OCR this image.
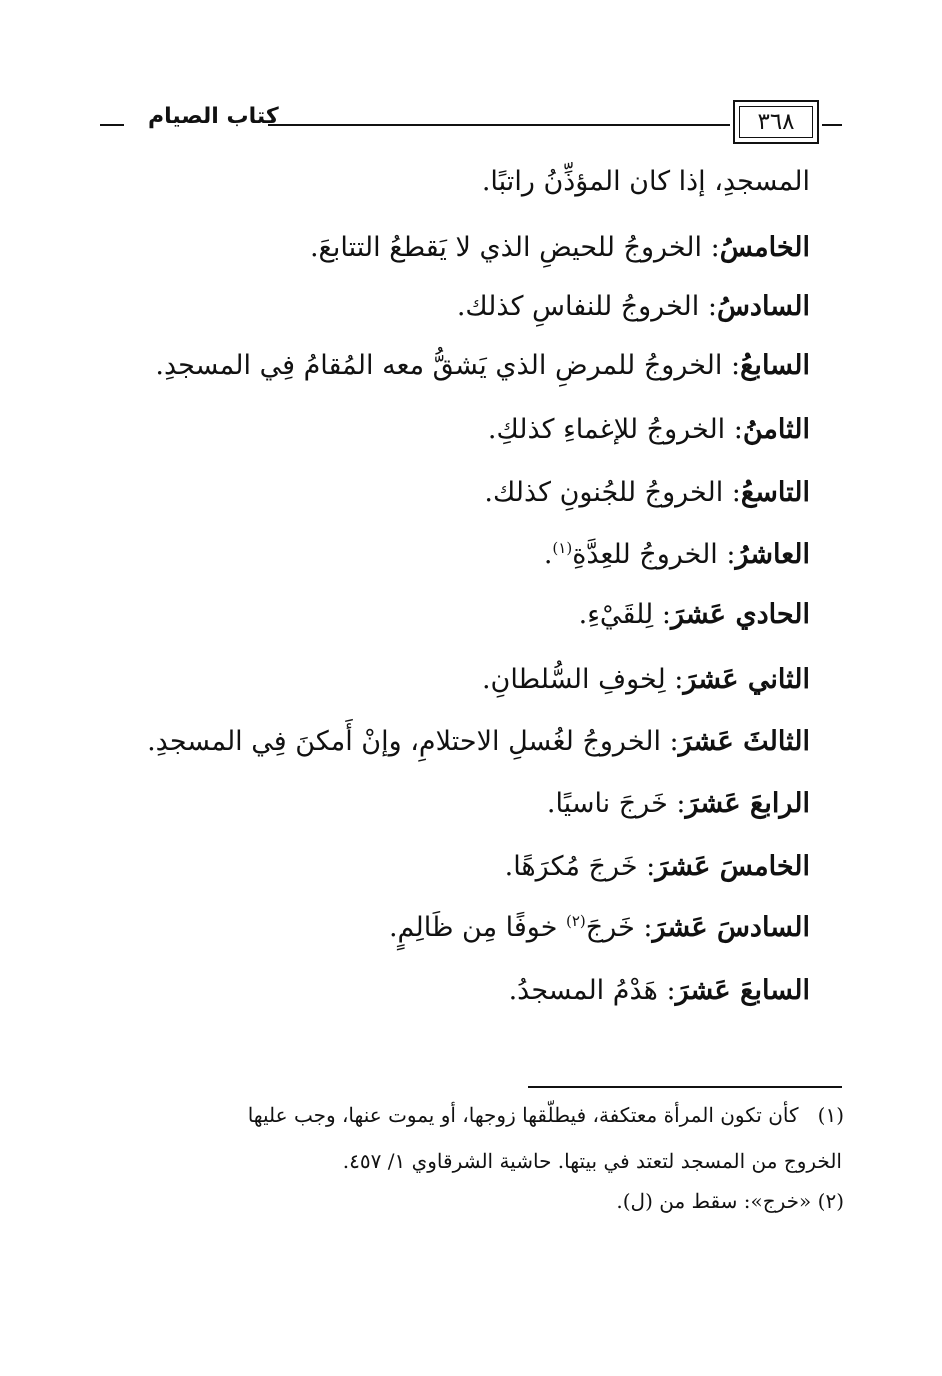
كتاب الصيام	٣٦٨
المسجدِ، إذا كان المؤذِّنُ راتبًا.
الخامسُ: الخروجُ للحيضِ الذي لا يَقطعُ التتابعَ.
السادسُ: الخروجُ للنفاسِ كذلك.
السابعُ: الخروجُ للمرضِ الذي يَشقُّ معه المُقامُ فِي المسجدِ.
الثامنُ: الخروجُ للإغماءِ كذلكِ.
التاسعُ: الخروجُ للجُنونِ كذلك.
العاشرُ: الخروجُ للعِدَّةِ$^{(١)}$.
الحادي عَشرَ: لِلقَيْءِ.
الثاني عَشرَ: لِخوفِ السُّلطانِ.
الثالثَ عَشرَ: الخروجُ لغُسلِ الاحتلامِ، وإنْ أَمكنَ فِي المسجدِ.
الرابعَ عَشرَ: خَرجَ ناسيًا.
الخامسَ عَشرَ: خَرجَ مُكرَهًا.
السادسَ عَشرَ: خَرجَ$^{(٢)}$ خوفًا مِن ظَالِمٍ.
السابعَ عَشرَ: هَدْمُ المسجدُ.
(١)   كأن تكون المرأة معتكفة، فيطلّقها زوجها، أو يموت عنها، وجب عليها
الخروج من المسجد لتعتد في بيتها. حاشية الشرقاوي ١/ ٤٥٧.
(٢) «خرج»: سقط من (ل).
